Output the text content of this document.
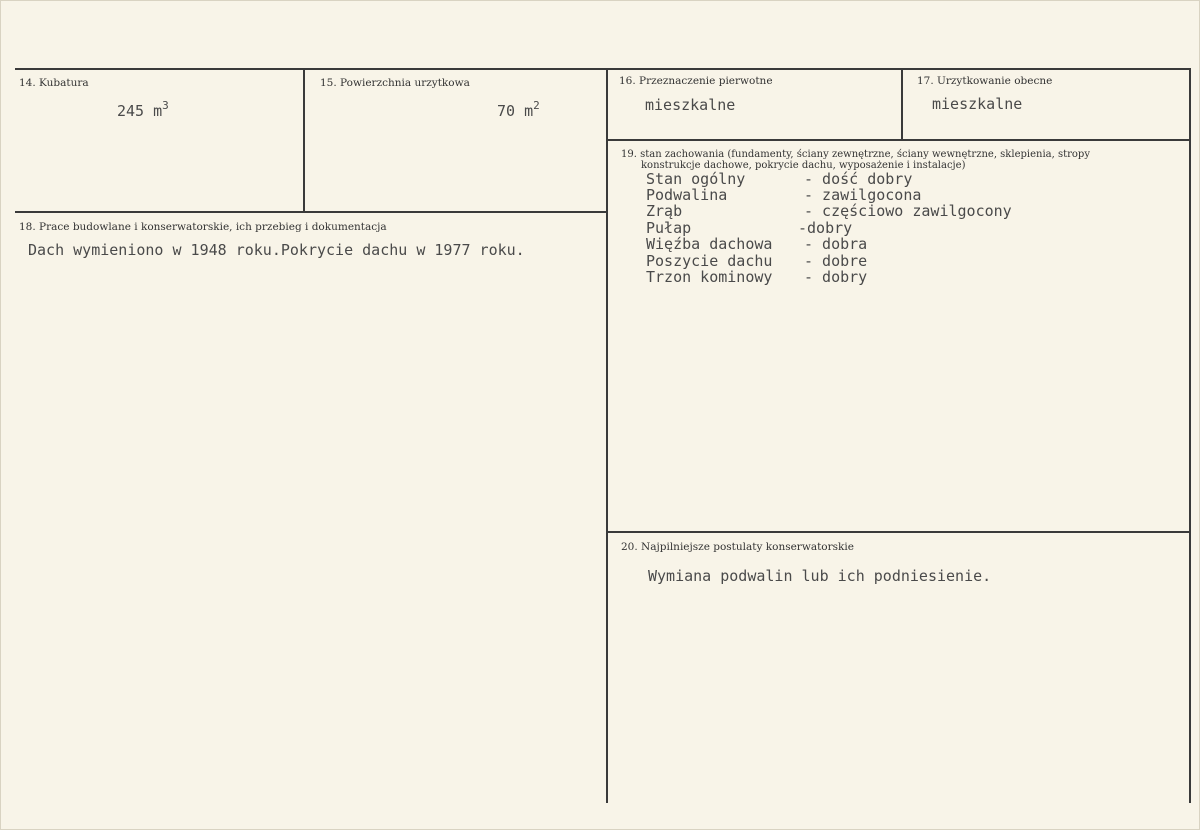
14. Kubatura
245 $m^3$
15. Powierzchnia urzytkowa
70 $m^2$
16. Przeznaczenie pierwotne
mieszkalne
17. Urzytkowanie obecne
mieszkalne
18. Prace budowlane i konserwatorskie, ich przebieg i dokumentacja
Dach wymieniono w 1948 roku.Pokrycie dachu w 1977 roku.
19. stan zachowania (fundamenty, ściany zewnętrzne, ściany wewnętrzne, sklepienia, stropy
konstrukcje dachowe, pokrycie dachu, wyposażenie i instalacje)
Stan ogólny	- dość dobry
Podwalina	- zawilgocona
Zrąb	- częściowo zawilgocony
Pułap	-dobry
Więźba dachowa - dobra
Poszycie dachu - dobre
Trzon kominowy - dobry
20. Najpilniejsze postulaty konserwatorskie
Wymiana podwalin lub ich podniesienie.
